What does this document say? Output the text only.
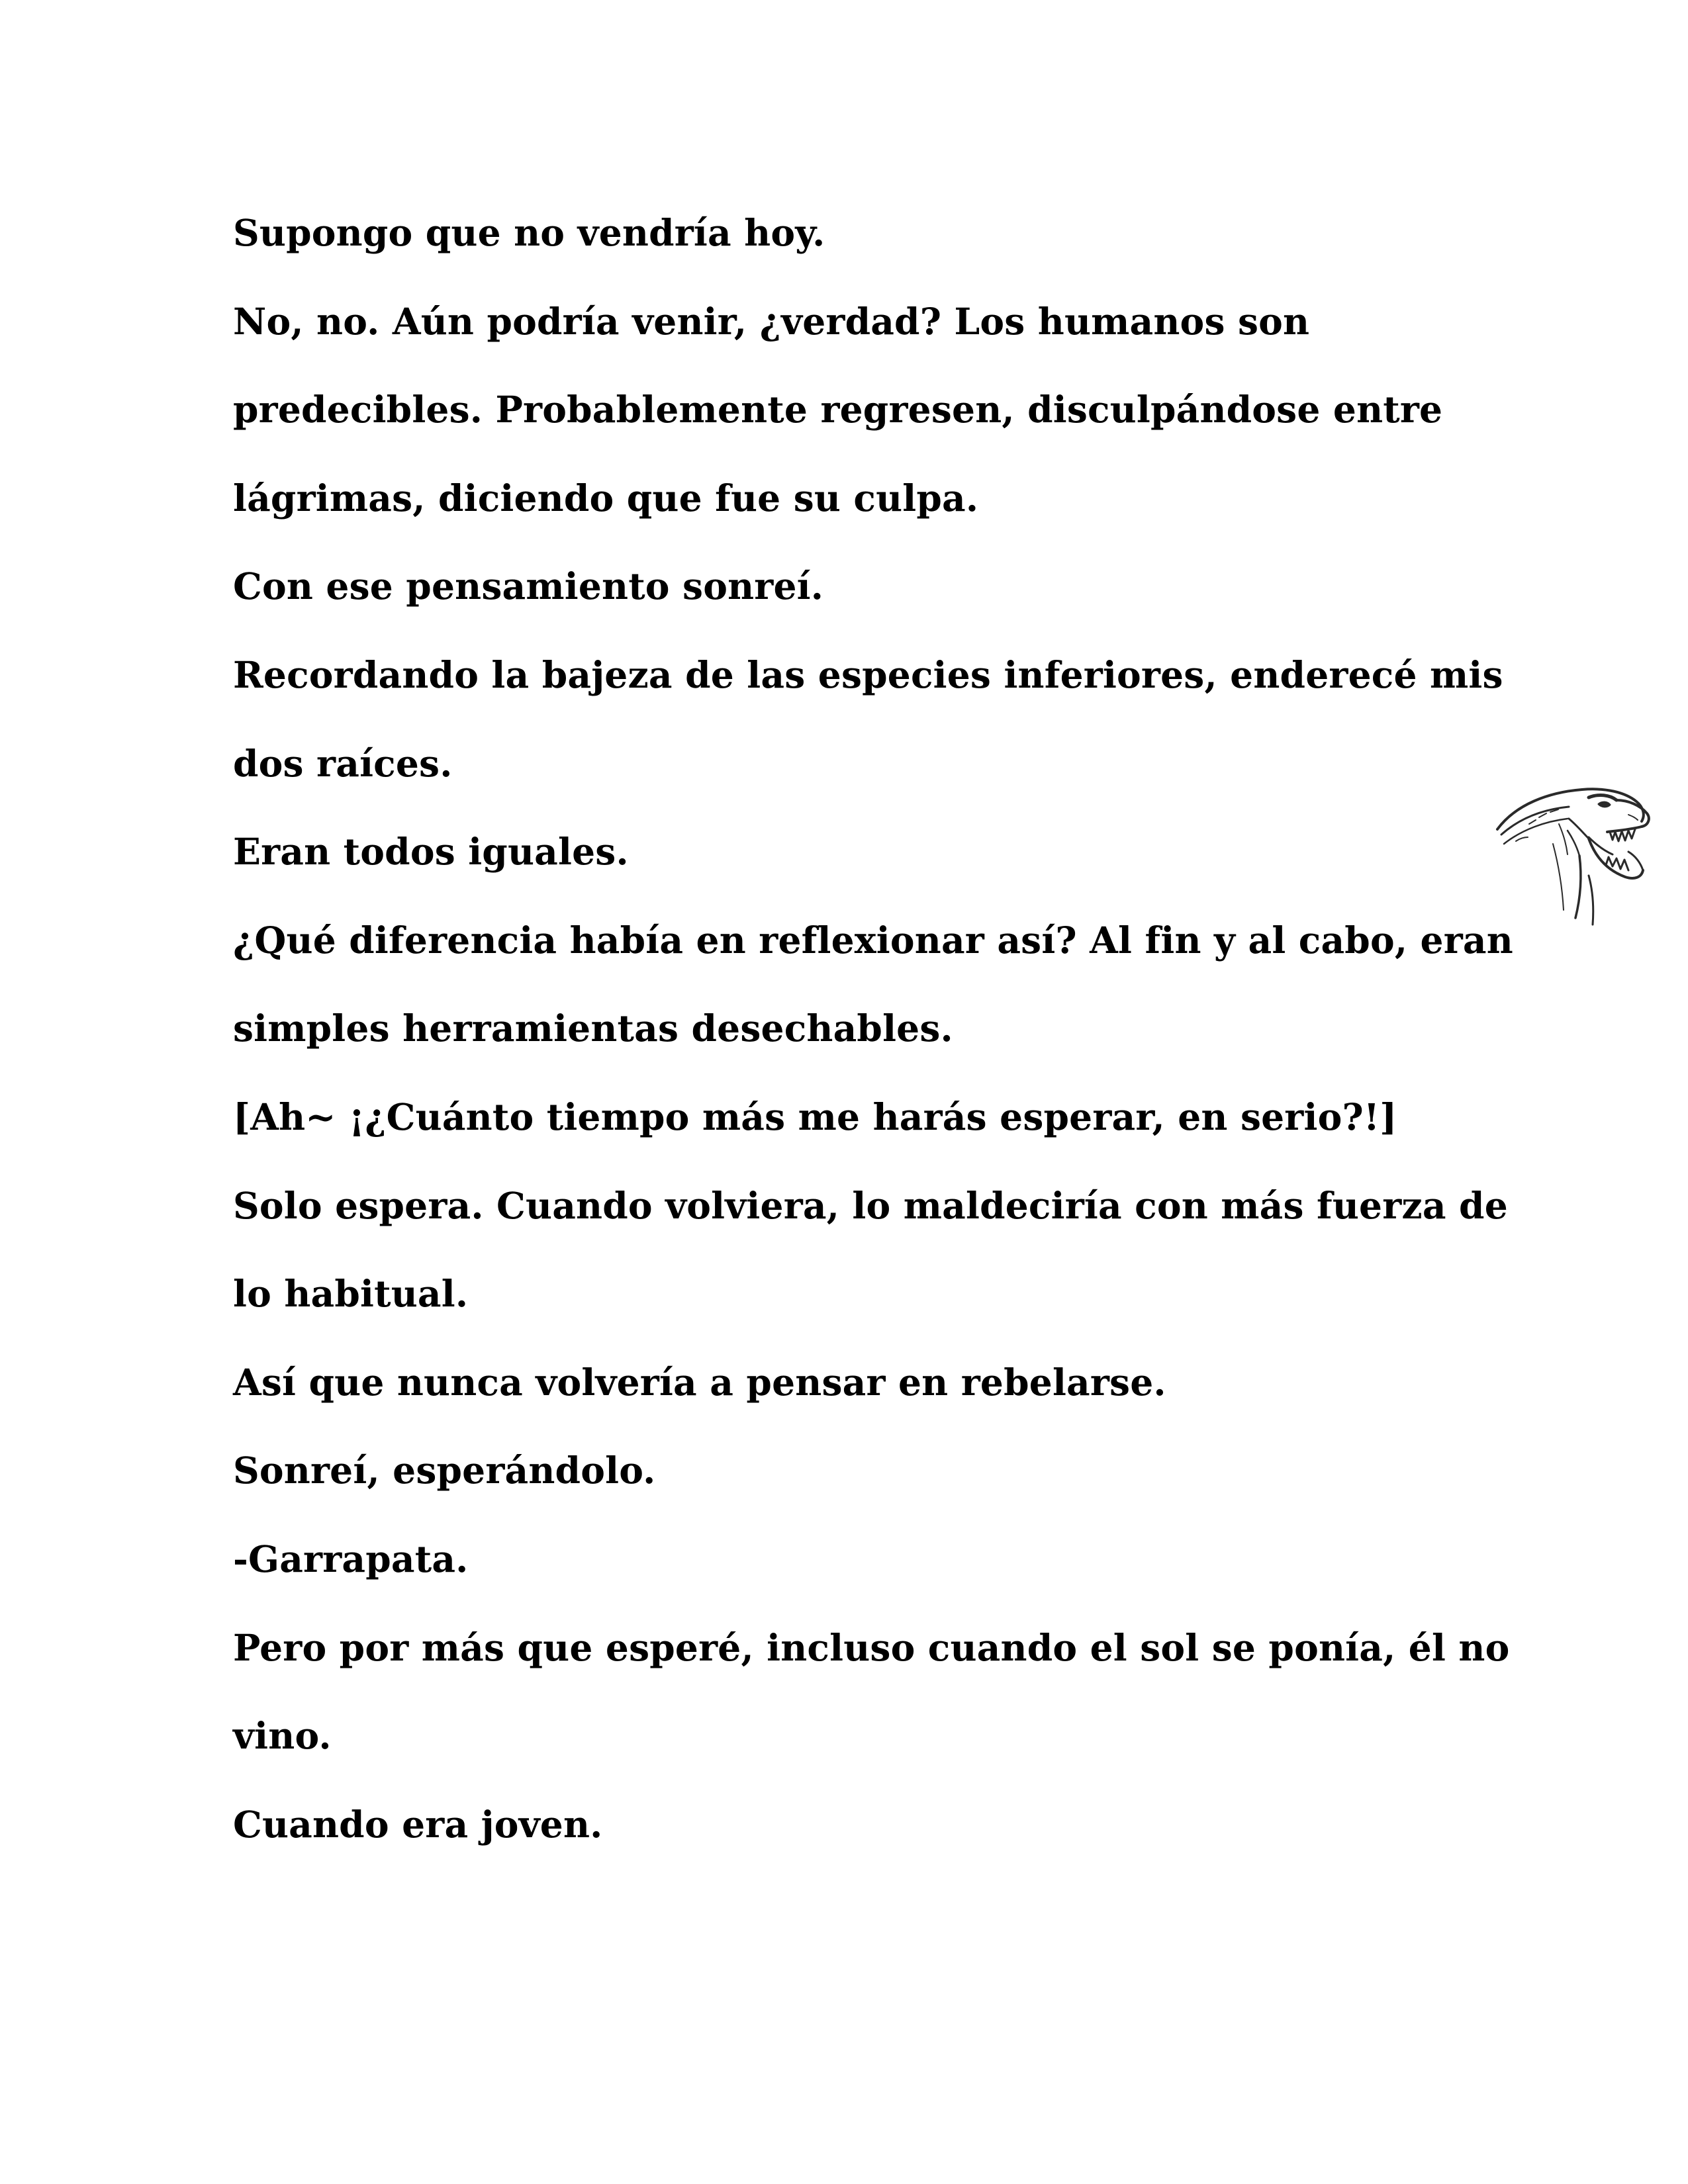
Supongo que no vendría hoy.
No, no. Aún podría venir, ¿verdad? Los humanos son
predecibles. Probablemente regresen, disculpándose entre
lágrimas, diciendo que fue su culpa.
Con ese pensamiento sonreí.
Recordando la bajeza de las especies inferiores, enderecé mis
dos raíces.
Eran todos iguales.
¿Qué diferencia había en reflexionar así? Al fin y al cabo, eran
simples herramientas desechables.
[Ah~ ¡¿Cuánto tiempo más me harás esperar, en serio?!]
Solo espera. Cuando volviera, lo maldeciría con más fuerza de
lo habitual.
Así que nunca volvería a pensar en rebelarse.
Sonreí, esperándolo.
-Garrapata.
Pero por más que esperé, incluso cuando el sol se ponía, él no
vino.
Cuando era joven.
